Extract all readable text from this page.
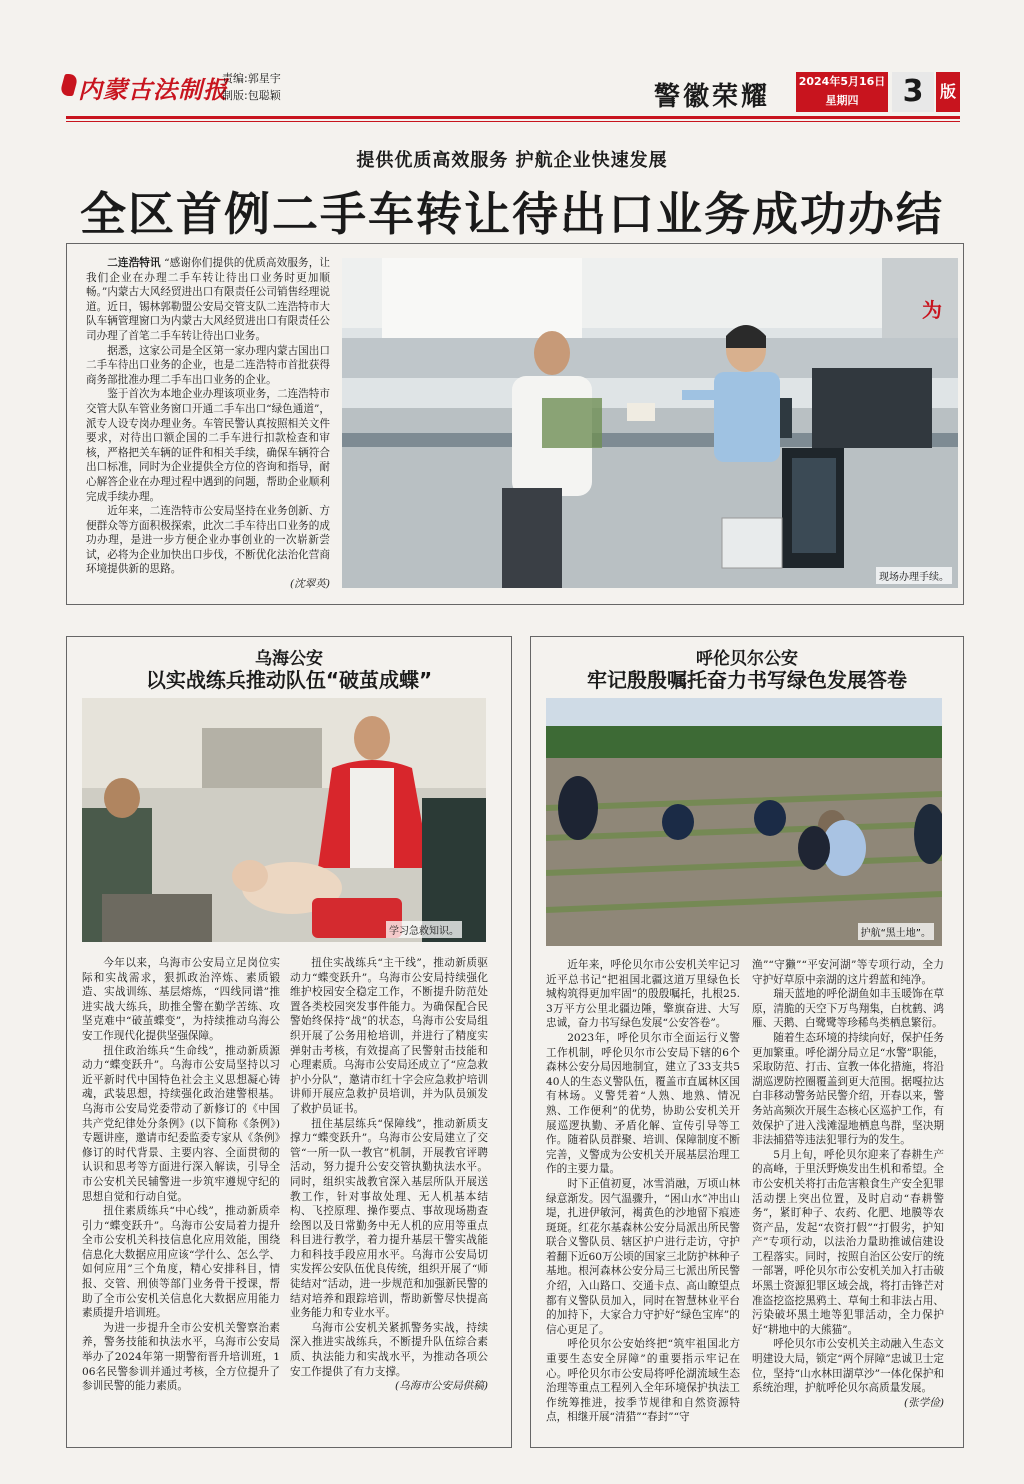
内蒙古法制报
责编:郭星宇
制版:包聪颖	警徽荣耀
2024年5月16日
星期四	3	版
提供优质高效服务 护航企业快速发展
全区首例二手车转让待出口业务成功办结

二连浩特讯 “感谢你们提供的优质高效服务，让我们企业在办理二手车转让待出口业务时更加顺畅。”内蒙古大风经贸进出口有限责任公司销售经理说道。近日，锡林郭勒盟公安局交管支队二连浩特市大队车辆管理窗口为内蒙古大风经贸进出口有限责任公司办理了首笔二手车转让待出口业务。

据悉，这家公司是全区第一家办理内蒙古国出口二手车待出口业务的企业，也是二连浩特市首批获得商务部批准办理二手车出口业务的企业。

鉴于首次为本地企业办理该项业务，二连浩特市交管大队车管业务窗口开通二手车出口“绿色通道”，派专人设专岗办理业务。车管民警认真按照相关文件要求，对待出口额企国的二手车进行扣款检查和审核，严格把关车辆的证件和相关手续，确保车辆符合出口标准，同时为企业提供全方位的咨询和指导，耐心解答企业在办理过程中遇到的问题，帮助企业顺利完成手续办理。

近年来，二连浩特市公安局坚持在业务创新、方便群众等方面积极探索，此次二手车待出口业务的成功办理，是进一步方便企业办事创业的一次崭新尝试，必将为企业加快出口步伐，不断优化法治化营商环境提供新的思路。

(沈翠英)
现场办理手续。
为
乌海公安
以实战练兵推动队伍“破茧成蝶”
学习急救知识。

今年以来，乌海市公安局立足岗位实际和实战需求，狠抓政治淬炼、素质锻造、实战训练、基层熔炼，“四线同谱”推进实战大练兵，助推全警在勤学苦练、攻坚克难中“破茧蝶变”，为持续推动乌海公安工作现代化提供坚强保障。

扭住政治练兵“生命线”，推动新质源动力“蝶变跃升”。乌海市公安局坚持以习近平新时代中国特色社会主义思想凝心铸魂，武装思想，持续强化政治建警根基。乌海市公安局党委带动了新修订的《中国共产党纪律处分条例》(以下简称《条例》)专题讲座，邀请市纪委监委专家从《条例》修订的时代背景、主要内容、全面贯彻的认识和思考等方面进行深入解读，引导全市公安机关民辅警进一步筑牢遵规守纪的思想自觉和行动自觉。

扭住素质练兵“中心线”，推动新质牵引力“蝶变跃升”。乌海市公安局着力提升全市公安机关科技信息化应用效能，围绕信息化大数据应用应该“学什么、怎么学、如何应用”三个角度，精心安排科目，情报、交管、刑侦等部门业务骨干授课，帮助了全市公安机关信息化大数据应用能力素质提升培训班。

为进一步提升全市公安机关警察治素养，警务技能和执法水平，乌海市公安局举办了2024年第一期警衔晋升培训班，106名民警参训并通过考核，全方位提升了参训民警的能力素质。

扭住实战练兵“主干线”，推动新质驱动力“蝶变跃升”。乌海市公安局持续强化维护校园安全稳定工作，不断提升防范处置各类校园突发事件能力。为确保配合民警始终保持“战”的状态，乌海市公安局组织开展了公务用枪培训，并进行了精度实弹射击考核，有效提高了民警射击技能和心理素质。乌海市公安局还成立了“应急救护小分队”，邀请市红十字会应急救护培训讲师开展应急救护员培训，并为队员颁发了救护员证书。

扭住基层练兵“保障线”，推动新质支撑力“蝶变跃升”。乌海市公安局建立了交管“一所一队一教官”机制，开展教官评聘活动，努力提升公安交管执勤执法水平。同时，组织实战教官深入基层所队开展送教工作，针对事故处理、无人机基本结构、飞控原理、操作要点、事故现场勘查绘图以及日常勤务中无人机的应用等重点科目进行教学，着力提升基层干警实战能力和科技手段应用水平。乌海市公安局切实发挥公安队伍优良传统，组织开展了“师徒结对”活动，进一步规范和加强新民警的结对培养和跟踪培训，帮助新警尽快提高业务能力和专业水平。

乌海市公安机关紧抓警务实战，持续深入推进实战练兵，不断提升队伍综合素质、执法能力和实战水平，为推动各项公安工作提供了有力支撑。

(乌海市公安局供稿)
呼伦贝尔公安
牢记殷殷嘱托奋力书写绿色发展答卷
护航“黑土地”。

近年来，呼伦贝尔市公安机关牢记习近平总书记“把祖国北疆这道万里绿色长城构筑得更加牢固”的殷殷嘱托，扎根25.3万平方公里北疆边陲，擎旗奋进、大写忠诚，奋力书写绿色发展“公安答卷”。

2023年，呼伦贝尔市全面运行义警工作机制，呼伦贝尔市公安局下辖的6个森林公安分局因地制宜，建立了33支共540人的生态义警队伍，覆盖市直属林区国有林场。义警凭着“人熟、地熟、情况熟、工作便利”的优势，协助公安机关开展巡逻执勤、矛盾化解、宣传引导等工作。随着队员群聚、培训、保障制度不断完善，义警成为公安机关开展基层治理工作的主要力量。

时下正值初夏，冰雪消融，万顷山林绿意渐发。因气温骤升，“困山水”冲出山堤，扎进伊敏河，褐黄色的沙地留下痕迹斑斑。红花尔基森林公安分局派出所民警联合义警队员、辖区护户进行走访，守护着翻下近60万公顷的国家三北防护林种子基地。根河森林公安分局三七派出所民警介绍，入山路口、交通卡点、高山瞭望点都有义警队员加入，同时在智慧林业平台的加持下，大家合力守护好“绿色宝库”的信心更足了。

呼伦贝尔公安始终把“筑牢祖国北方重要生态安全屏障”的重要指示牢记在心。呼伦贝尔市公安局将呼伦湖流域生态治理等重点工程列入全年环境保护执法工作统筹推进，按季节规律和自然资源特点，相继开展“清猎”“春封”“守

渔”“守獭”“平安河湖”等专项行动，全力守护好草原中亲湖的这片碧蓝和纯净。

瑞天蓝地的呼伦湖鱼如丰玉暖饰在草原，清脆的天空下万鸟翔集，白枕鹤、鸿雁、天鹅、白鹭鹭等珍稀鸟类栖息繁衍。

随着生态环境的持续向好，保护任务更加繁重。呼伦湖分局立足“水警”职能，采取防范、打击、宣教一体化措施，将沿湖巡逻防控圈覆盖到更大范围。据嘎拉达白非移动警务站民警介绍，开春以来，警务站高频次开展生态核心区巡护工作，有效保护了进入浅滩湿地栖息鸟群，坚决期非法捕猎等违法犯罪行为的发生。

5月上旬，呼伦贝尔迎来了春耕生产的高峰，于里沃野焕发出生机和希望。全市公安机关将打击危害粮食生产安全犯罪活动摆上突出位置，及时启动“春耕警务”，紧盯种子、农药、化肥、地膜等农资产品，发起“农资打假”“打假劣，护知产”专项行动，以法治力量助推诚信建设工程落实。同时，按照自治区公安厅的统一部署，呼伦贝尔市公安机关加入打击破坏黑土资源犯罪区域会战，将打击锋芒对准盗挖盗挖黑鸦土、草甸土和非法占用、污染破坏黑土地等犯罪活动，全力保护好“耕地中的大熊猫”。

呼伦贝尔市公安机关主动融入生态文明建设大局，锁定“两个屏障”忠诚卫士定位，坚持“山水林田湖草沙”一体化保护和系统治理，护航呼伦贝尔高质量发展。

(张学俭)
